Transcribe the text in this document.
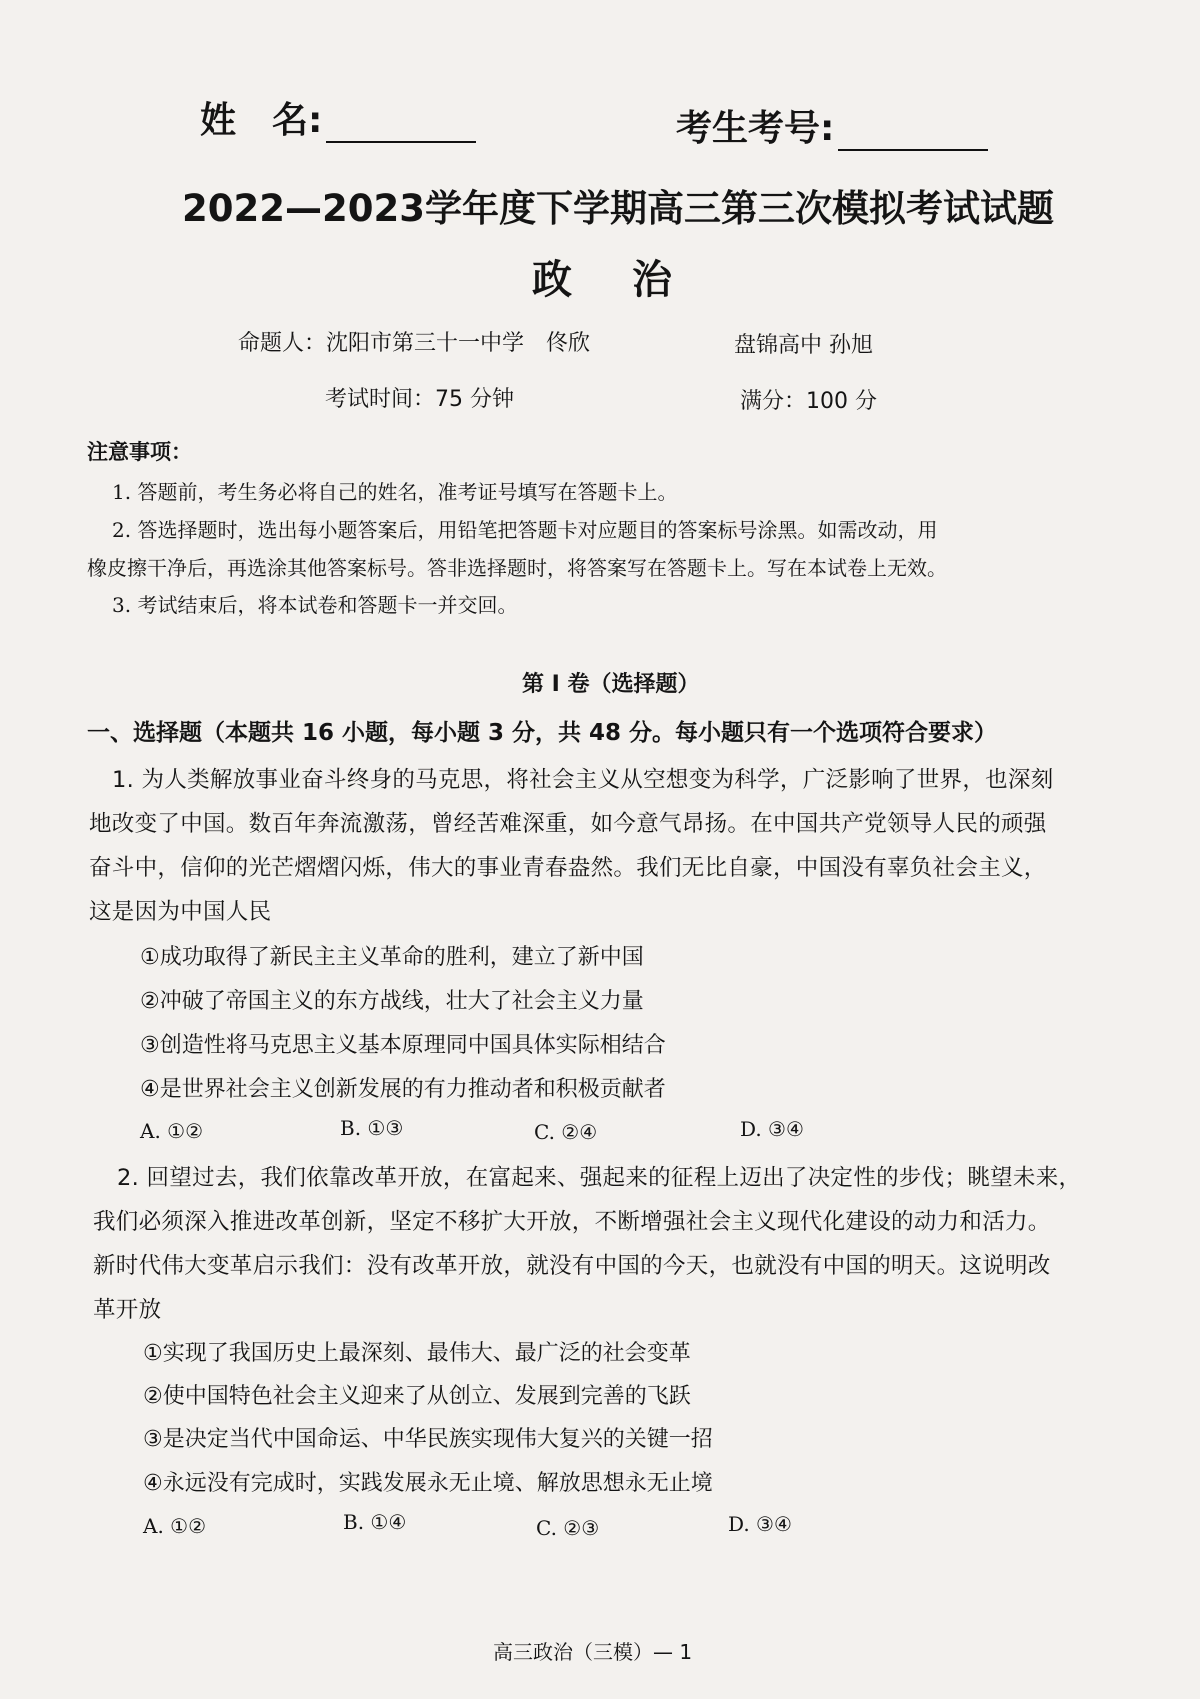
姓　名:	考生考号:
2022—2023学年度下学期高三第三次模拟考试试题
政治
命题人：沈阳市第三十一中学　佟欣	盘锦高中 孙旭
考试时间：75 分钟	满分：100 分
注意事项：
1. 答题前，考生务必将自己的姓名，准考证号填写在答题卡上。
2. 答选择题时，选出每小题答案后，用铅笔把答题卡对应题目的答案标号涂黑。如需改动，用
橡皮擦干净后，再选涂其他答案标号。答非选择题时，将答案写在答题卡上。写在本试卷上无效。
3. 考试结束后，将本试卷和答题卡一并交回。
第 I 卷（选择题）
一、选择题（本题共 16 小题，每小题 3 分，共 48 分。每小题只有一个选项符合要求）
1. 为人类解放事业奋斗终身的马克思，将社会主义从空想变为科学，广泛影响了世界，也深刻
地改变了中国。数百年奔流激荡，曾经苦难深重，如今意气昂扬。在中国共产党领导人民的顽强
奋斗中，信仰的光芒熠熠闪烁，伟大的事业青春盎然。我们无比自豪，中国没有辜负社会主义，
这是因为中国人民
①成功取得了新民主主义革命的胜利，建立了新中国
②冲破了帝国主义的东方战线，壮大了社会主义力量
③创造性将马克思主义基本原理同中国具体实际相结合
④是世界社会主义创新发展的有力推动者和积极贡献者
A. ①②	B. ①③	C. ②④	D. ③④
2. 回望过去，我们依靠改革开放，在富起来、强起来的征程上迈出了决定性的步伐；眺望未来，
我们必须深入推进改革创新，坚定不移扩大开放，不断增强社会主义现代化建设的动力和活力。
新时代伟大变革启示我们：没有改革开放，就没有中国的今天，也就没有中国的明天。这说明改
革开放
①实现了我国历史上最深刻、最伟大、最广泛的社会变革
②使中国特色社会主义迎来了从创立、发展到完善的飞跃
③是决定当代中国命运、中华民族实现伟大复兴的关键一招
④永远没有完成时，实践发展永无止境、解放思想永无止境
A. ①②	B. ①④	C. ②③	D. ③④
高三政治（三模）— 1
